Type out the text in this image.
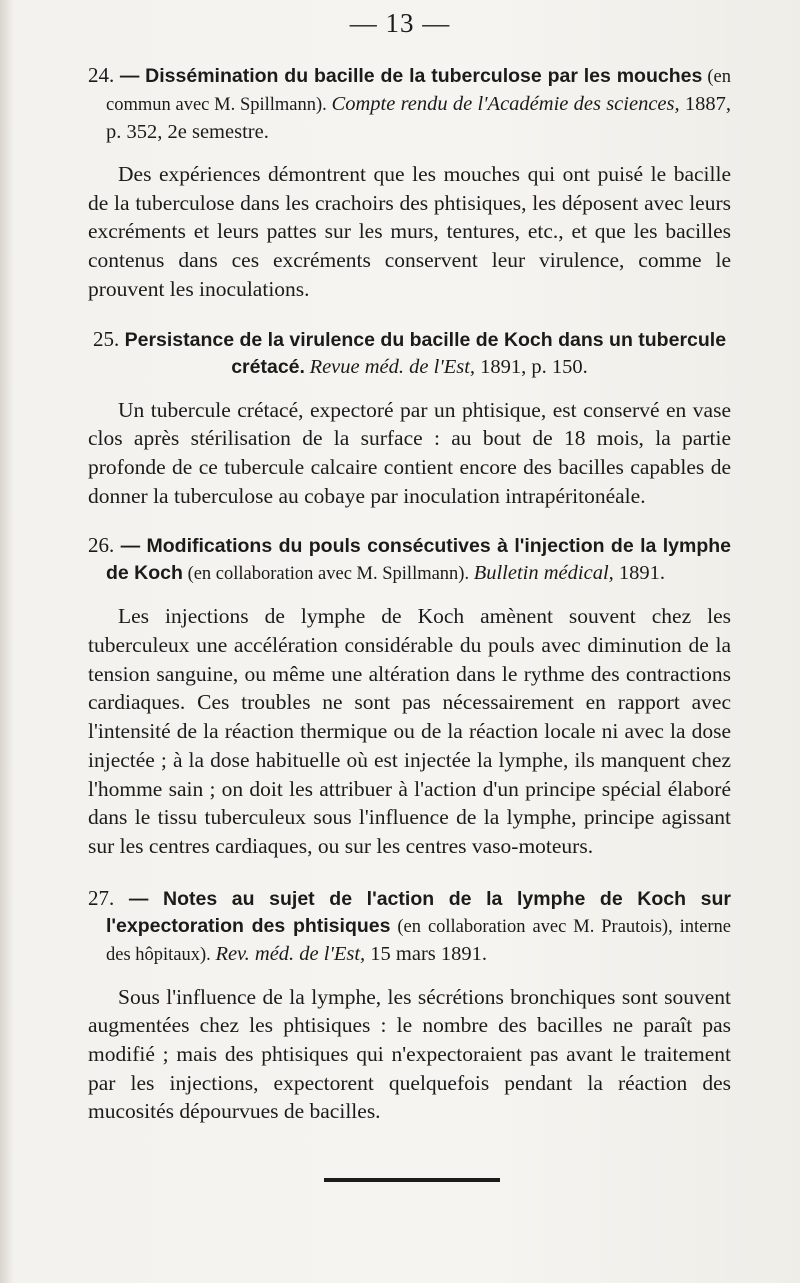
— 13 —

24. — Dissémination du bacille de la tuberculose par les mouches (en commun avec M. Spillmann). Compte rendu de l'Académie des sciences, 1887, p. 352, 2e semestre.

Des expériences démontrent que les mouches qui ont puisé le bacille de la tuberculose dans les crachoirs des phtisiques, les déposent avec leurs excréments et leurs pattes sur les murs, tentures, etc., et que les bacilles contenus dans ces excréments conservent leur virulence, comme le prouvent les inoculations.

25. Persistance de la virulence du bacille de Koch dans un tubercule crétacé. Revue méd. de l'Est, 1891, p. 150.

Un tubercule crétacé, expectoré par un phtisique, est conservé en vase clos après stérilisation de la surface : au bout de 18 mois, la partie profonde de ce tubercule calcaire contient encore des bacilles capables de donner la tuberculose au cobaye par inoculation intrapéritonéale.

26. — Modifications du pouls consécutives à l'injection de la lymphe de Koch (en collaboration avec M. Spillmann). Bulletin médical, 1891.

Les injections de lymphe de Koch amènent souvent chez les tuberculeux une accélération considérable du pouls avec diminution de la tension sanguine, ou même une altération dans le rythme des contractions cardiaques. Ces troubles ne sont pas nécessairement en rapport avec l'intensité de la réaction thermique ou de la réaction locale ni avec la dose injectée ; à la dose habituelle où est injectée la lymphe, ils manquent chez l'homme sain ; on doit les attribuer à l'action d'un principe spécial élaboré dans le tissu tuberculeux sous l'influence de la lymphe, principe agissant sur les centres cardiaques, ou sur les centres vaso-moteurs.

27. — Notes au sujet de l'action de la lymphe de Koch sur l'expectoration des phtisiques (en collaboration avec M. Prautois), interne des hôpitaux). Rev. méd. de l'Est, 15 mars 1891.

Sous l'influence de la lymphe, les sécrétions bronchiques sont souvent augmentées chez les phtisiques : le nombre des bacilles ne paraît pas modifié ; mais des phtisiques qui n'expectoraient pas avant le traitement par les injections, expectorent quelquefois pendant la réaction des mucosités dépourvues de bacilles.
